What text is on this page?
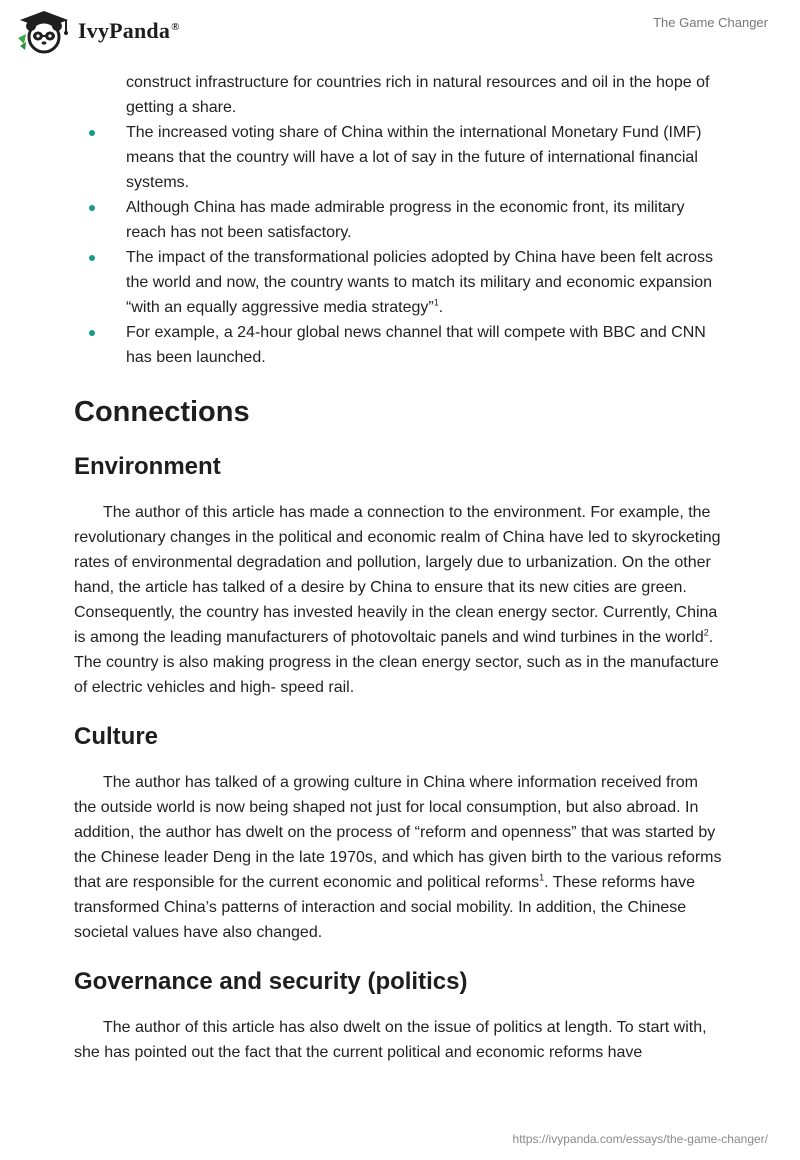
IvyPanda®	The Game Changer
construct infrastructure for countries rich in natural resources and oil in the hope of getting a share.
The increased voting share of China within the international Monetary Fund (IMF) means that the country will have a lot of say in the future of international financial systems.
Although China has made admirable progress in the economic front, its military reach has not been satisfactory.
The impact of the transformational policies adopted by China have been felt across the world and now, the country wants to match its military and economic expansion “with an equally aggressive media strategy”$^1$.
For example, a 24-hour global news channel that will compete with BBC and CNN has been launched.
Connections
Environment

The author of this article has made a connection to the environment. For example, the revolutionary changes in the political and economic realm of China have led to skyrocketing rates of environmental degradation and pollution, largely due to urbanization. On the other hand, the article has talked of a desire by China to ensure that its new cities are green. Consequently, the country has invested heavily in the clean energy sector. Currently, China is among the leading manufacturers of photovoltaic panels and wind turbines in the world$^2$. The country is also making progress in the clean energy sector, such as in the manufacture of electric vehicles and high- speed rail.

Culture

The author has talked of a growing culture in China where information received from the outside world is now being shaped not just for local consumption, but also abroad. In addition, the author has dwelt on the process of “reform and openness” that was started by the Chinese leader Deng in the late 1970s, and which has given birth to the various reforms that are responsible for the current economic and political reforms$^1$. These reforms have transformed China’s patterns of interaction and social mobility. In addition, the Chinese societal values have also changed.

Governance and security (politics)

The author of this article has also dwelt on the issue of politics at length. To start with, she has pointed out the fact that the current political and economic reforms have

https://ivypanda.com/essays/the-game-changer/
